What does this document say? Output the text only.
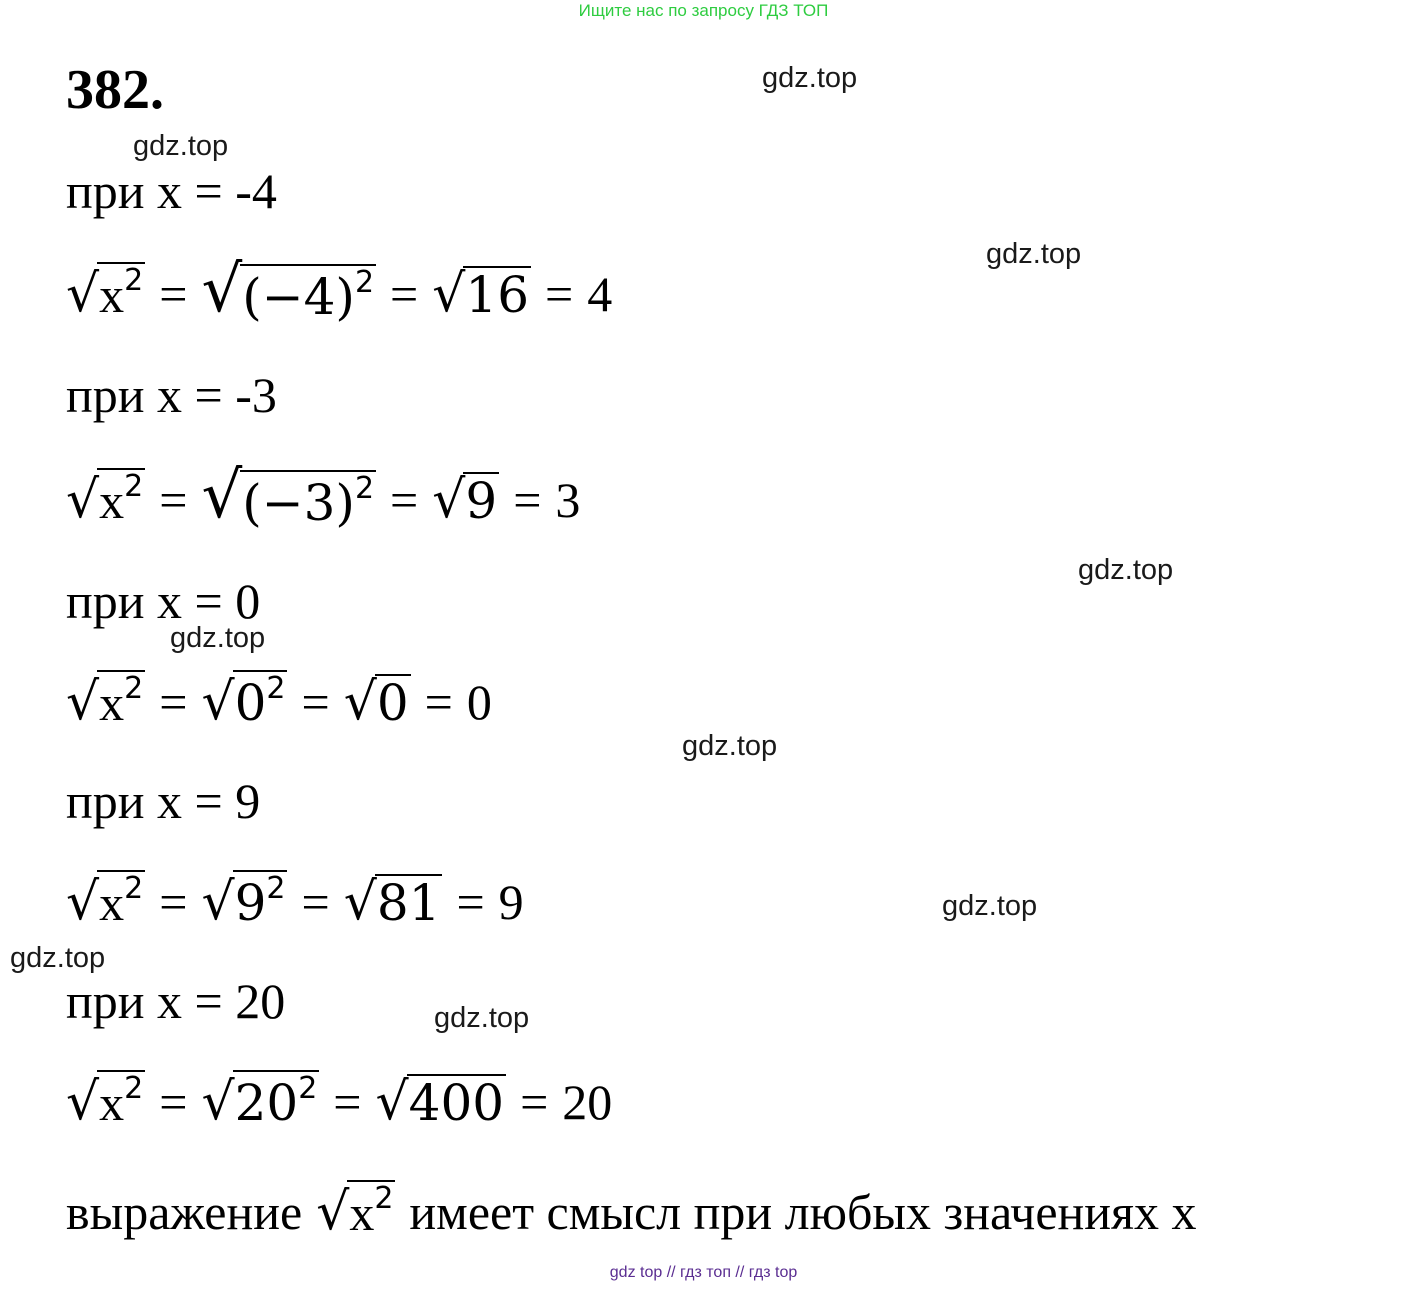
Ищите нас по запросу ГДЗ ТОП
382.
при x = -4
√ $x^2$ = √ $(-4)^2$ = √ 16 = 4
при x = -3
√ $x^2$ = √ $(-3)^2$ = √ 9 = 3
при x = 0
√ $x^2$ = √ $0^2$ = √ 0 = 0
при x = 9
√ $x^2$ = √ $9^2$ = √ 81 = 9
при x = 20
√ $x^2$ = √ $20^2$ = √ 400 = 20
выражение √ $x^2$ имеет смысл при любых значениях x
gdz.top
gdz.top
gdz.top
gdz.top
gdz.top
gdz.top
gdz.top
gdz.top
gdz.top
gdz top // гдз топ // гдз top
